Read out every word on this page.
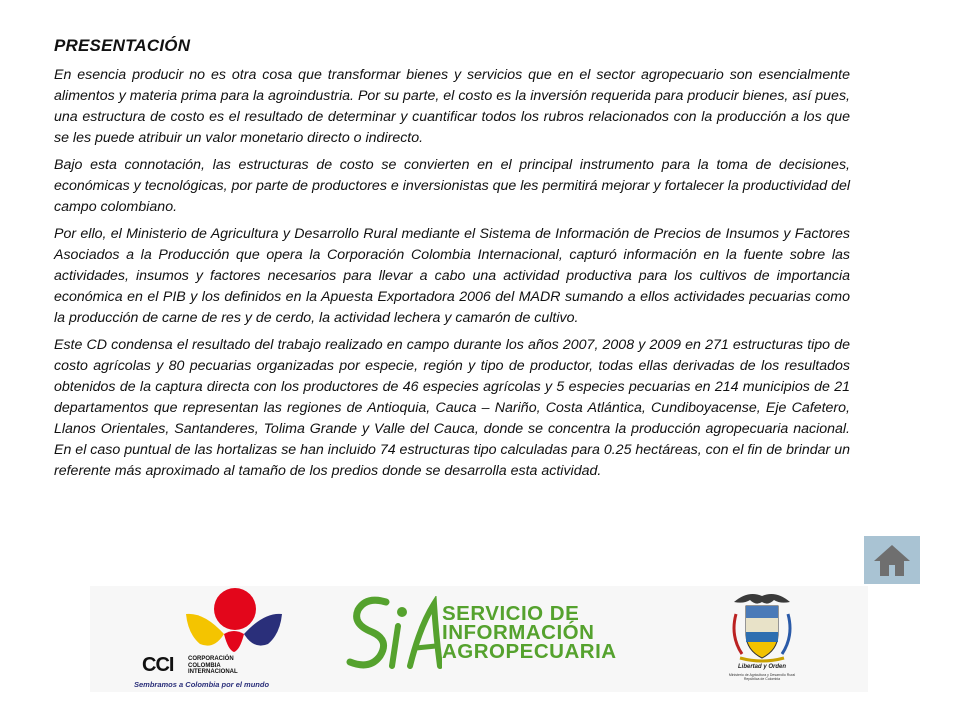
PRESENTACIÓN

En esencia producir no es otra cosa que transformar bienes y servicios que en el sector agropecuario son esencialmente alimentos y materia prima para la agroindustria. Por su parte, el costo es la inversión requerida para producir bienes, así pues, una estructura de costo es el resultado de determinar y cuantificar todos los rubros relacionados con la producción a los que se les puede atribuir un valor monetario directo o indirecto.

Bajo esta connotación, las estructuras de costo se convierten en el principal instrumento para la toma de decisiones, económicas y tecnológicas, por parte de productores e inversionistas que les permitirá mejorar y fortalecer la productividad del campo colombiano.

Por ello, el Ministerio de Agricultura y Desarrollo Rural mediante el Sistema de Información de Precios de Insumos y Factores Asociados a la Producción que opera la Corporación Colombia Internacional, capturó información en la fuente sobre las actividades, insumos y factores necesarios para llevar a cabo una actividad productiva para los cultivos de importancia económica en el PIB y los definidos en la Apuesta Exportadora 2006 del MADR sumando a ellos actividades pecuarias como la producción de carne de res y de cerdo, la actividad lechera y camarón de cultivo.

Este CD condensa el resultado del trabajo realizado en campo durante los años 2007, 2008 y 2009 en 271 estructuras tipo de costo agrícolas y 80 pecuarias organizadas por especie, región y tipo de productor, todas ellas derivadas de los resultados obtenidos de la captura directa con los productores de 46 especies agrícolas y 5 especies pecuarias en 214 municipios de 21 departamentos que representan las regiones de Antioquia, Cauca – Nariño, Costa Atlántica, Cundiboyacense, Eje Cafetero, Llanos Orientales, Santanderes, Tolima Grande y Valle del Cauca, donde se concentra la producción agropecuaria nacional. En el caso puntual de las hortalizas se han incluido 74 estructuras tipo calculadas para 0.25 hectáreas, con el fin de brindar un referente más aproximado al tamaño de los predios donde se desarrolla esta actividad.

CCI CORPORACIÓN
COLOMBIA
INTERNACIONAL
Sembramos a Colombia por el mundo
SERVICIO DE
INFORMACIÓN
AGROPECUARIA
Libertad y Orden
Ministerio de Agricultura y Desarrollo Rural
República de Colombia
